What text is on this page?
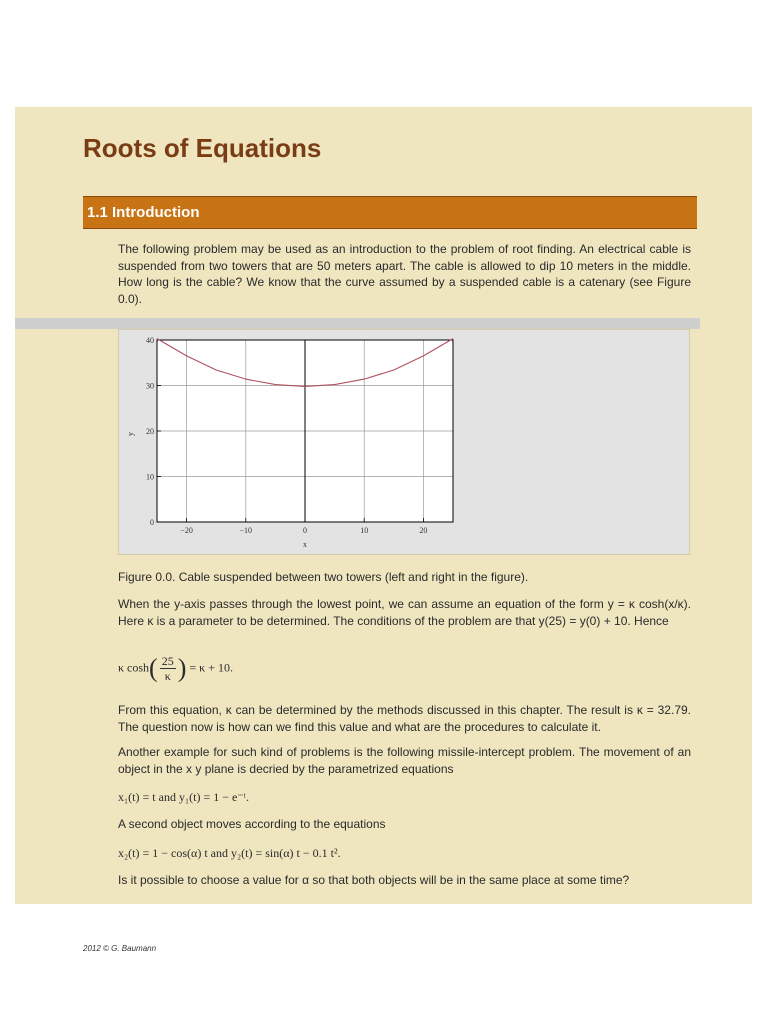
Roots of Equations
1.1 Introduction

The following problem may be used as an introduction to the problem of root finding. An electrical cable is suspended from two towers that are 50 meters apart. The cable is allowed to dip 10 meters in the middle. How long is the cable? We know that the curve assumed by a suspended cable is a catenary (see Figure 0.0).

−20	−10	0	10	20
0
10
20
30
40
x
y

Figure 0.0. Cable suspended between two towers (left and right in the figure).

When the y-axis passes through the lowest point, we can assume an equation of the form y = κ cosh(x/κ). Here κ is a parameter to be determined. The conditions of the problem are that y(25) = y(0) + 10. Hence

κ $\cosh( \frac{25}{\kappa}$ ) = κ + 10.

From this equation, κ can be determined by the methods discussed in this chapter. The result is κ = 32.79. The question now is how can we find this value and what are the procedures to calculate it.

Another example for such kind of problems is the following missile-intercept problem. The movement of an object in the x y plane is decried by the parametrized equations

x₁(t) = t and y₁(t) = 1 − e⁻ᵗ.

A second object moves according to the equations

x₂(t) = 1 − cos(α) t and y₂(t) = sin(α) t − 0.1 t².

Is it possible to choose a value for α so that both objects will be in the same place at some time?

2012 © G. Baumann
